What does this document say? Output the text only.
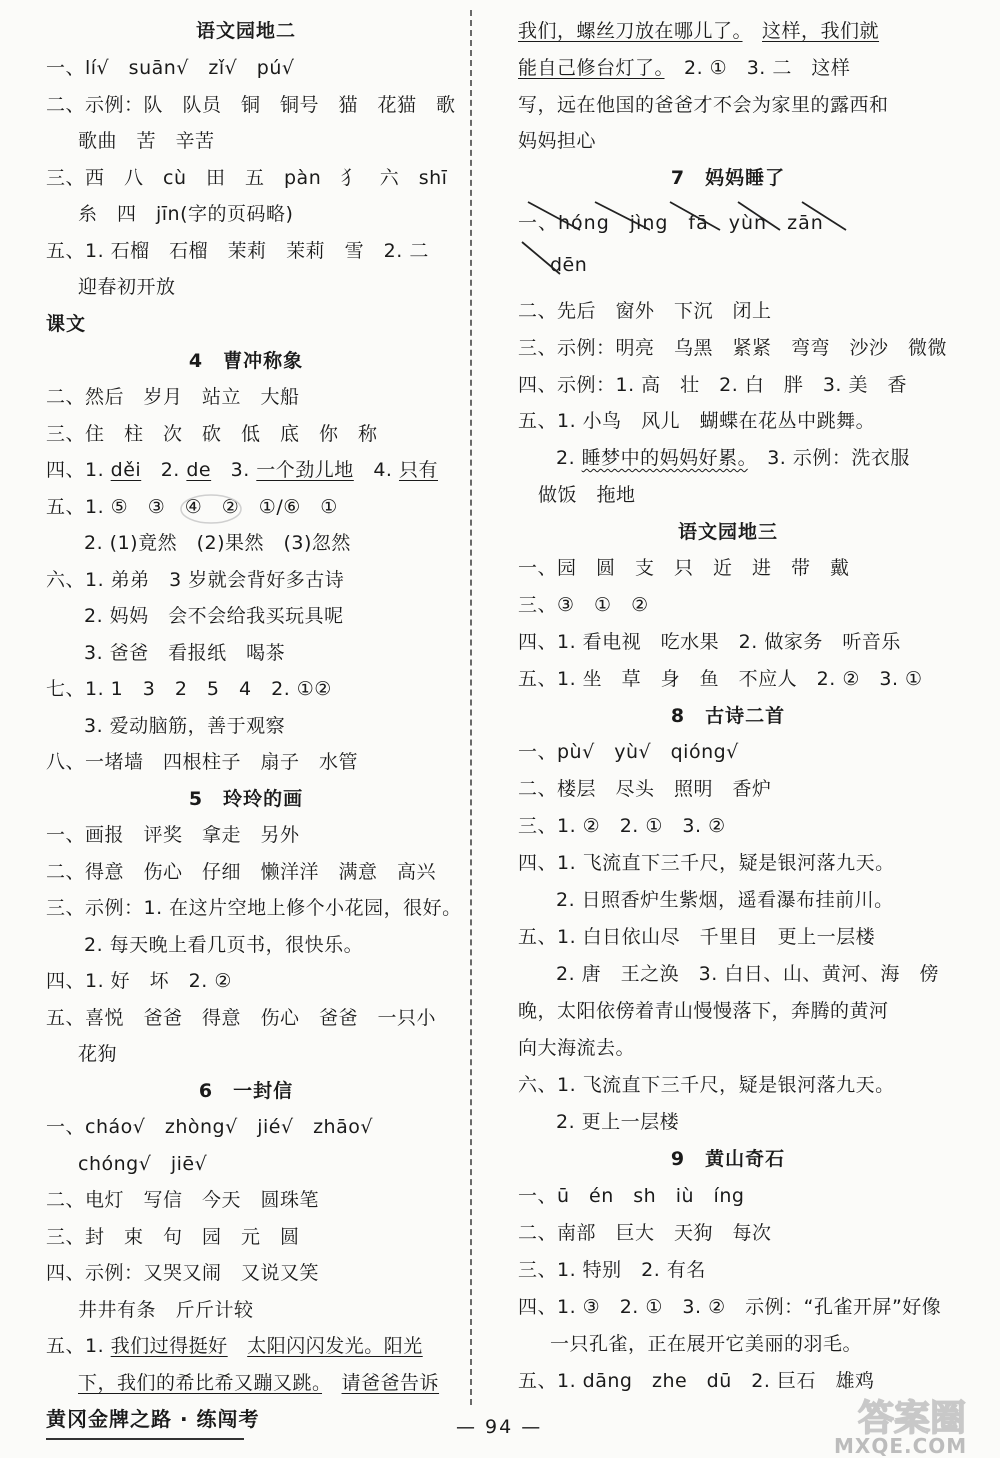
语文园地二
一、lí√　suān√　zǐ√　pú√
二、示例：队　队员　铜　铜号　猫　花猫　歌
歌曲　苦　辛苦
三、西　八　cù　田　五　pàn　犭　六　shī
糸　四　jīn(字的页码略)
五、1. 石榴　石榴　茉莉　茉莉　雪　2. 二
迎春初开放
课文
4　曹冲称象
二、然后　岁月　站立　大船
三、住　柱　次　砍　低　底　你　称
四、1. děi　2. de　3. 一个劲儿地　4. 只有
五、1. ⑤　③　④　②　①/⑥　①
2. (1)竟然　(2)果然　(3)忽然
六、1. 弟弟　3 岁就会背好多古诗
2. 妈妈　会不会给我买玩具呢
3. 爸爸　看报纸　喝茶
七、1. 1　3　2　5　4　2. ①②
3. 爱动脑筋，善于观察
八、一堵墙　四根柱子　扇子　水管
5　玲玲的画
一、画报　评奖　拿走　另外
二、得意　伤心　仔细　懒洋洋　满意　高兴
三、示例：1. 在这片空地上修个小花园，很好。
2. 每天晚上看几页书，很快乐。
四、1. 好　坏　2. ②
五、喜悦　爸爸　得意　伤心　爸爸　一只小
花狗
6　一封信
一、cháo√　zhòng√　jié√　zhāo√
chóng√　jiē√
二、电灯　写信　今天　圆珠笔
三、封　束　句　园　元　圆
四、示例：又哭又闹　又说又笑
井井有条　斤斤计较
五、1. 我们过得挺好　 太阳闪闪发光。阳光
下，我们的希比希又蹦又跳。　 请爸爸告诉
我们，螺丝刀放在哪儿了。　 这样，我们就
能自己修台灯了。　2. ①　3. 二　这样
写，远在他国的爸爸才不会为家里的露西和
妈妈担心
7　妈妈睡了
一、hóng　jìng　fā　yùn　zān
dēn
二、先后　窗外　下沉　闭上
三、示例：明亮　乌黑　紧紧　弯弯　沙沙　微微
四、示例：1. 高　壮　2. 白　胖　3. 美　香
五、1. 小鸟　风儿　蝴蝶在花丛中跳舞。
2. 睡梦中的妈妈好累。　3. 示例：洗衣服
做饭　拖地
语文园地三
一、园　圆　支　只　近　进　带　戴
三、③　①　②
四、1. 看电视　吃水果　2. 做家务　听音乐
五、1. 坐　草　身　鱼　不应人　2. ②　3. ①
8　古诗二首
一、pù√　yù√　qióng√
二、楼层　尽头　照明　香炉
三、1. ②　2. ①　3. ②
四、1. 飞流直下三千尺，疑是银河落九天。
2. 日照香炉生紫烟，遥看瀑布挂前川。
五、1. 白日依山尽　千里目　更上一层楼
2. 唐　王之涣　3. 白日、山、黄河、海　傍
晚，太阳依傍着青山慢慢落下，奔腾的黄河
向大海流去。
六、1. 飞流直下三千尺，疑是银河落九天。
2. 更上一层楼
9　黄山奇石
一、ū　én　sh　iù　íng
二、南部　巨大　天狗　每次
三、1. 特别　2. 有名
四、1. ③　2. ①　3. ②　示例：“孔雀开屏”好像
一只孔雀，正在展开它美丽的羽毛。
五、1. dāng　zhe　dū　2. 巨石　雄鸡
黄冈金牌之路 · 练闯考	— 94 —	答案圈
MXQE.COM
